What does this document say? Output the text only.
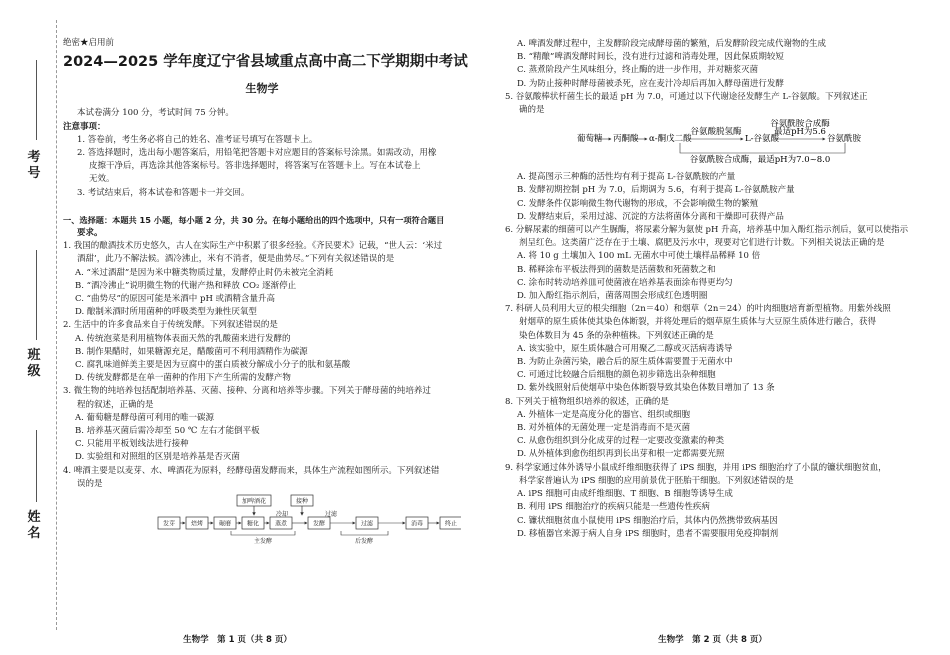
考号
班级
姓名
绝密★启用前
2024—2025 学年度辽宁省县域重点高中高二下学期期中考试
生物学
本试卷满分 100 分，考试时间 75 分钟。
注意事项：
1. 答卷前，考生务必将自己的姓名、准考证号填写在答题卡上。
2. 答选择题时，选出每小题答案后，用铅笔把答题卡对应题目的答案标号涂黑。如需改动，用橡
皮擦干净后，再选涂其他答案标号。答非选择题时，将答案写在答题卡上。写在本试卷上
无效。
3. 考试结束后，将本试卷和答题卡一并交回。
一、选择题：本题共 15 小题，每小题 2 分，共 30 分。在每小题给出的四个选项中，只有一项符合题目
要求。
1. 我国的酿酒技术历史悠久，古人在实际生产中积累了很多经验。《齐民要术》记载，“世人云：‘米过
酒甜’，此乃不解法候。酒冷沸止，米有不消者，便是曲势尽。”下列有关叙述错误的是
A. “米过酒甜”是因为米中糖类物质过量，发酵停止时仍未被完全消耗
B. “酒冷沸止”说明微生物的代谢产热和释放 CO₂ 逐渐停止
C. “曲势尽”的原因可能是米酒中 pH 或酒精含量升高
D. 酿制米酒时所用菌种的呼吸类型为兼性厌氧型
2. 生活中的许多食品来自于传统发酵。下列叙述错误的是
A. 传统泡菜是利用植物体表面天然的乳酸菌来进行发酵的
B. 制作果醋时，如果糖源充足，醋酸菌可不利用酒精作为碳源
C. 腐乳味道鲜美主要是因为豆腐中的蛋白质被分解成小分子的肽和氨基酸
D. 传统发酵都是在单一菌种的作用下产生所需的发酵产物
3. 微生物的纯培养包括配制培养基、灭菌、接种、分离和培养等步骤。下列关于酵母菌的纯培养过
程的叙述，正确的是
A. 葡萄糖是酵母菌可利用的唯一碳源
B. 培养基灭菌后需冷却至 50 ℃ 左右才能倒平板
C. 只能用平板划线法进行接种
D. 实验组和对照组的区别是培养基是否灭菌
4. 啤酒主要是以麦芽、水、啤酒花为原料，经酵母菌发酵而来，具体生产流程如图所示。下列叙述错
误的是
加啤酒花	接种
发芽	焙烤	碾磨	糖化	蒸煮	发酵	过滤	消毒	终止
冷却	过滤
主发酵	后发酵
生物学　第 1 页（共 8 页）
A. 啤酒发酵过程中，主发酵阶段完成酵母菌的繁殖，后发酵阶段完成代谢物的生成
B. “精酿”啤酒发酵时间长，没有进行过滤和消毒处理，因此保质期较短
C. 蒸煮阶段产生风味组分，终止酶的进一步作用，并对糖浆灭菌
D. 为防止接种时酵母菌被杀死，应在麦汁冷却后再加入酵母菌进行发酵
5. 谷氨酸棒状杆菌生长的最适 pH 为 7.0，可通过以下代谢途径发酵生产 L-谷氨酸。下列叙述正
确的是
葡萄糖 丙酮酸 α-酮戊二酸
谷氨酸脱氢酶
L-谷氨酸
谷氨酰胺合成酶
最适pH为5.6
谷氨酰胺
谷氨酰胺合成酶，最适pH为7.0~8.0
A. 提高图示三种酶的活性均有利于提高 L-谷氨酰胺的产量
B. 发酵初期控制 pH 为 7.0，后期调为 5.6，有利于提高 L-谷氨酰胺产量
C. 发酵条件仅影响微生物代谢物的形成，不会影响微生物的繁殖
D. 发酵结束后，采用过滤、沉淀的方法将菌体分离和干燥即可获得产品
6. 分解尿素的细菌可以产生脲酶，将尿素分解为氨使 pH 升高，培养基中加入酚红指示剂后，氨可以使指示
剂呈红色。这类菌广泛存在于土壤、腐肥及污水中，现要对它们进行计数。下列相关说法正确的是
A. 将 10 g 土壤加入 100 mL 无菌水中可使土壤样品稀释 10 倍
B. 稀释涂布平板法得到的菌数是活菌数和死菌数之和
C. 涂布时转动培养皿可使菌液在培养基表面涂布得更均匀
D. 加入酚红指示剂后，菌落周围会形成红色透明圈
7. 科研人员利用大豆的根尖细胞（2n＝40）和烟草（2n＝24）的叶肉细胞培育新型植物。用紫外线照
射烟草的原生质体使其染色体断裂，并将处理后的烟草原生质体与大豆原生质体进行融合，获得
染色体数目为 45 条的杂种植株。下列叙述正确的是
A. 该实验中，原生质体融合可用聚乙二醇或灭活病毒诱导
B. 为防止杂菌污染，融合后的原生质体需要置于无菌水中
C. 可通过比较融合后细胞的颜色初步筛选出杂种细胞
D. 紫外线照射后使烟草中染色体断裂导致其染色体数目增加了 13 条
8. 下列关于植物组织培养的叙述，正确的是
A. 外植体一定是高度分化的器官、组织或细胞
B. 对外植体的无菌处理一定是消毒而不是灭菌
C. 从愈伤组织到分化成芽的过程一定要改变激素的种类
D. 从外植体到愈伤组织再到长出芽和根一定都需要光照
9. 科学家通过体外诱导小鼠成纤维细胞获得了 iPS 细胞，并用 iPS 细胞治疗了小鼠的镰状细胞贫血，
科学家普遍认为 iPS 细胞的应用前景优于胚胎干细胞。下列叙述错误的是
A. iPS 细胞可由成纤维细胞、T 细胞、B 细胞等诱导生成
B. 利用 iPS 细胞治疗的疾病只能是一些遗传性疾病
C. 镰状细胞贫血小鼠使用 iPS 细胞治疗后，其体内仍然携带致病基因
D. 移植器官来源于病人自身 iPS 细胞时，患者不需要服用免疫抑制剂
生物学　第 2 页（共 8 页）
